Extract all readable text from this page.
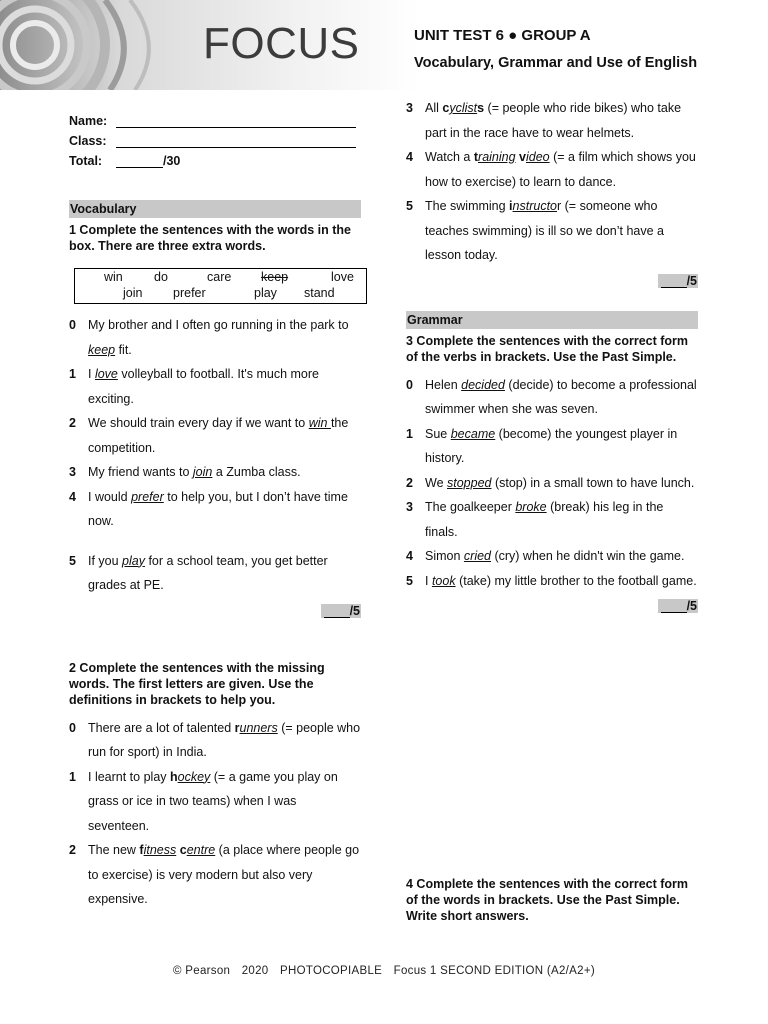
FOCUS	UNIT TEST 6 ● GROUP A
Vocabulary, Grammar and Use of English
Name:
Class:
Total:	/30
Vocabulary
1 Complete the sentences with the words in the box. There are three extra words.
win do	care keep	love
join prefer	play stand
0 My brother and I often go running in the park to keep fit.
1 I love volleyball to football. It's much more exciting.
2 We should train every day if we want to win the competition.
3 My friend wants to join a Zumba class.
4 I would prefer to help you, but I don’t have time now.
5 If you play for a school team, you get better grades at PE.
/5
2 Complete the sentences with the missing words. The first letters are given. Use the definitions in brackets to help you.
0 There are a lot of talented runners (= people who run for sport) in India.
1 I learnt to play hockey (= a game you play on grass or ice in two teams) when I was seventeen.
2 The new fitness centre (a place where people go to exercise) is very modern but also very expensive.
3 All cyclists (= people who ride bikes) who take part in the race have to wear helmets.
4 Watch a training video (= a film which shows you how to exercise) to learn to dance.
5 The swimming instructor (= someone who teaches swimming) is ill so we don’t have a lesson today.
/5
Grammar
3 Complete the sentences with the correct form of the verbs in brackets. Use the Past Simple.
0 Helen decided (decide) to become a professional swimmer when she was seven.
1 Sue became (become) the youngest player in history.
2 We stopped (stop) in a small town to have lunch.
3 The goalkeeper broke (break) his leg in the finals.
4 Simon cried (cry) when he didn't win the game.
5 I took (take) my little brother to the football game.
/5
4 Complete the sentences with the correct form of the words in brackets. Use the Past Simple. Write short answers.
© Pearson 2020 PHOTOCOPIABLE Focus 1 SECOND EDITION (A2/A2+)
